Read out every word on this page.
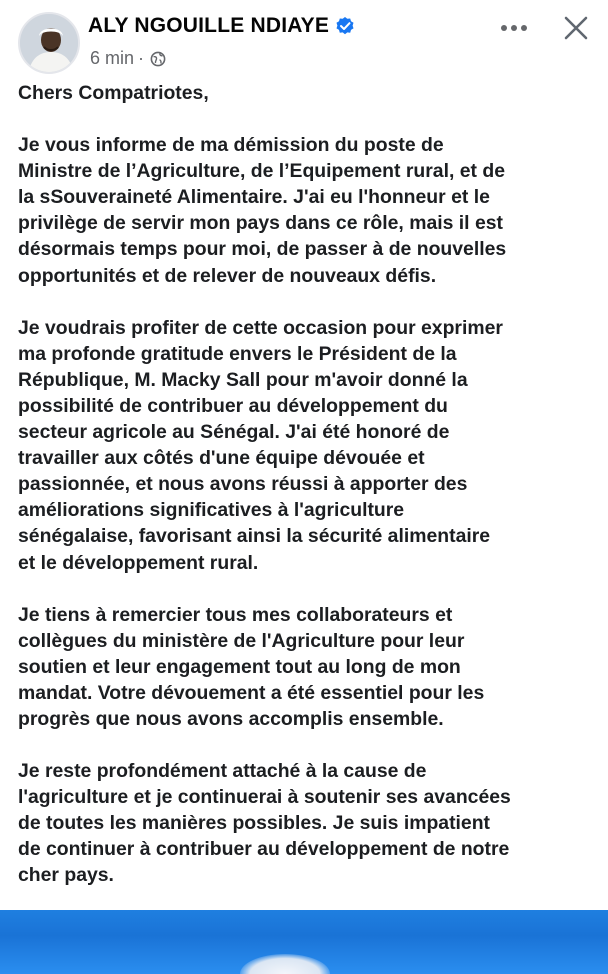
ALY NGOUILLE NDIAYE
6 min ·

Chers Compatriotes,

Je vous informe de ma démission du poste de
Ministre de l’Agriculture, de l’Equipement rural, et de
la sSouveraineté Alimentaire. J'ai eu l'honneur et le
privilège de servir mon pays dans ce rôle, mais il est
désormais temps pour moi, de passer à de nouvelles
opportunités et de relever de nouveaux défis.

Je voudrais profiter de cette occasion pour exprimer
ma profonde gratitude envers le Président de la
République, M. Macky Sall pour m'avoir donné la
possibilité de contribuer au développement du
secteur agricole au Sénégal. J'ai été honoré de
travailler aux côtés d'une équipe dévouée et
passionnée, et nous avons réussi à apporter des
améliorations significatives à l'agriculture
sénégalaise, favorisant ainsi la sécurité alimentaire
et le développement rural.

Je tiens à remercier tous mes collaborateurs et
collègues du ministère de l'Agriculture pour leur
soutien et leur engagement tout au long de mon
mandat. Votre dévouement a été essentiel pour les
progrès que nous avons accomplis ensemble.

Je reste profondément attaché à la cause de
l'agriculture et je continuerai à soutenir ses avancées
de toutes les manières possibles. Je suis impatient
de continuer à contribuer au développement de notre
cher pays.
